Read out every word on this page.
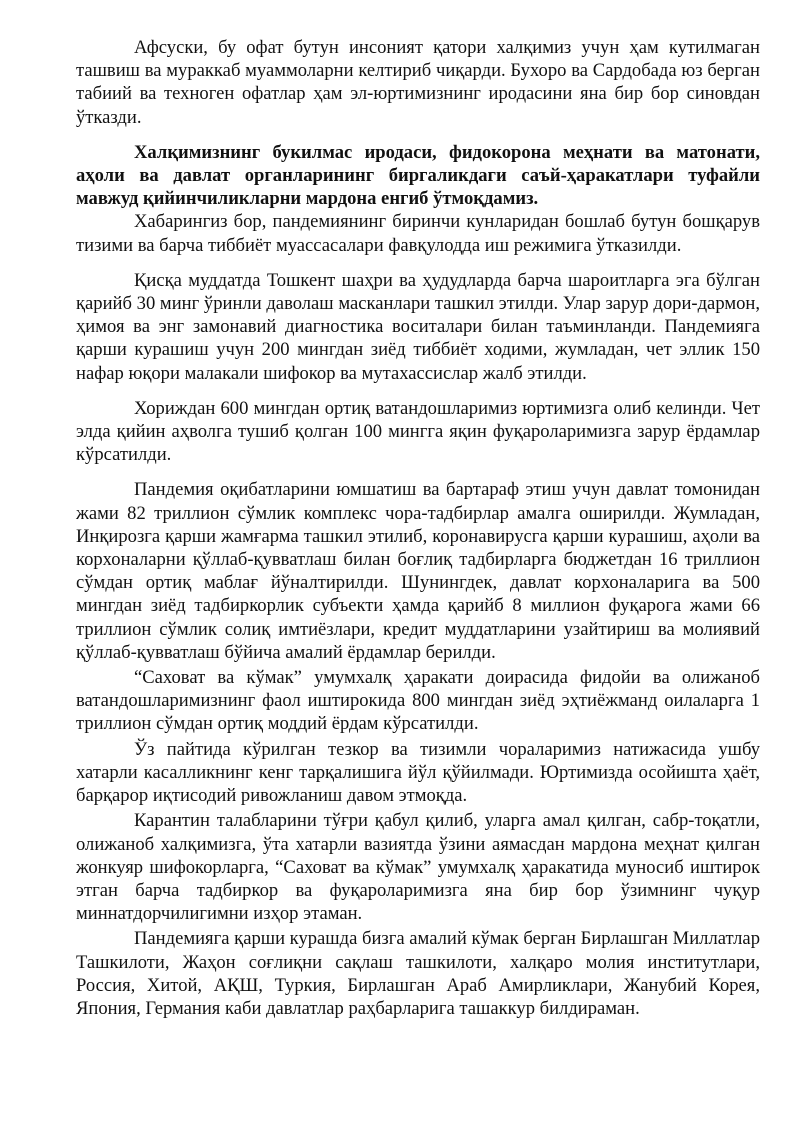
Афсуски, бу офат бутун инсоният қатори халқимиз учун ҳам кутилмаган ташвиш ва мураккаб муаммоларни келтириб чиқарди. Бухоро ва Сардобада юз берган табиий ва техноген офатлар ҳам эл-юртимизнинг иродасини яна бир бор синовдан ўтказди.

Халқимизнинг букилмас иродаси, фидокорона меҳнати ва матонати, аҳоли ва давлат органларининг биргаликдаги саъй-ҳаракатлари туфайли мавжуд қийинчиликларни мардона енгиб ўтмоқдамиз.

Хабарингиз бор, пандемиянинг биринчи кунларидан бошлаб бутун бошқарув тизими ва барча тиббиёт муассасалари фавқулодда иш режимига ўтказилди.

Қисқа муддатда Тошкент шаҳри ва ҳудудларда барча шароитларга эга бўлган қарийб 30 минг ўринли даволаш масканлари ташкил этилди. Улар зарур дори-дармон, ҳимоя ва энг замонавий диагностика воситалари билан таъминланди. Пандемияга қарши курашиш учун 200 мингдан зиёд тиббиёт ходими, жумладан, чет эллик 150 нафар юқори малакали шифокор ва мутахассислар жалб этилди.

Хориждан 600 мингдан ортиқ ватандошларимиз юртимизга олиб келинди. Чет элда қийин аҳволга тушиб қолган 100 мингга яқин фуқароларимизга зарур ёрдамлар кўрсатилди.

Пандемия оқибатларини юмшатиш ва бартараф этиш учун давлат томонидан жами 82 триллион сўмлик комплекс чора-тадбирлар амалга оширилди. Жумладан, Инқирозга қарши жамғарма ташкил этилиб, коронавирусга қарши курашиш, аҳоли ва корхоналарни қўллаб-қувватлаш билан боғлиқ тадбирларга бюджетдан 16 триллион сўмдан ортиқ маблағ йўналтирилди. Шунингдек, давлат корхоналарига ва 500 мингдан зиёд тадбиркорлик субъекти ҳамда қарийб 8 миллион фуқарога жами 66 триллион сўмлик солиқ имтиёзлари, кредит муддатларини узайтириш ва молиявий қўллаб-қувватлаш бўйича амалий ёрдамлар берилди.

“Саховат ва кўмак” умумхалқ ҳаракати доирасида фидойи ва олижаноб ватандошларимизнинг фаол иштирокида 800 мингдан зиёд эҳтиёжманд оилаларга 1 триллион сўмдан ортиқ моддий ёрдам кўрсатилди.

Ўз пайтида кўрилган тезкор ва тизимли чораларимиз натижасида ушбу хатарли касалликнинг кенг тарқалишига йўл қўйилмади. Юртимизда осойишта ҳаёт, барқарор иқтисодий ривожланиш давом этмоқда.

Карантин талабларини тўғри қабул қилиб, уларга амал қилган, сабр-тоқатли, олижаноб халқимизга, ўта хатарли вазиятда ўзини аямасдан мардона меҳнат қилган жонкуяр шифокорларга, “Саховат ва кўмак” умумхалқ ҳаракатида муносиб иштирок этган барча тадбиркор ва фуқароларимизга яна бир бор ўзимнинг чуқур миннатдорчилигимни изҳор этаман.

Пандемияга қарши курашда бизга амалий кўмак берган Бирлашган Миллатлар Ташкилоти, Жаҳон соғлиқни сақлаш ташкилоти, халқаро молия институтлари, Россия, Хитой, АҚШ, Туркия, Бирлашган Араб Амирликлари, Жанубий Корея, Япония, Германия каби давлатлар раҳбарларига ташаккур билдираман.
